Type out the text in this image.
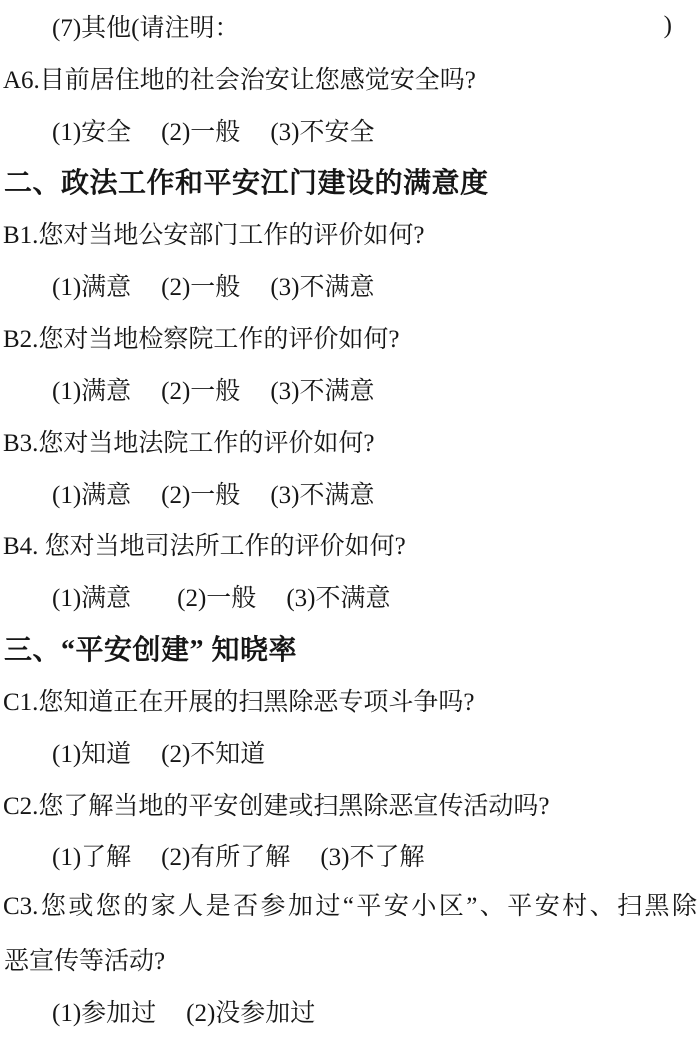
(7)其他(请注明：	)
A6.目前居住地的社会治安让您感觉安全吗?
(1)安全 (2)一般 (3)不安全
二、政法工作和平安江门建设的满意度
B1.您对当地公安部门工作的评价如何?
(1)满意 (2)一般 (3)不满意
B2.您对当地检察院工作的评价如何?
(1)满意 (2)一般 (3)不满意
B3.您对当地法院工作的评价如何?
(1)满意 (2)一般 (3)不满意
B4. 您对当地司法所工作的评价如何?
(1)满意 (2)一般 (3)不满意
三、“平安创建” 知晓率
C1.您知道正在开展的扫黑除恶专项斗争吗?
(1)知道 (2)不知道
C2.您了解当地的平安创建或扫黑除恶宣传活动吗?
(1)了解 (2)有所了解 (3)不了解
C3.您或您的家人是否参加过“平安小区”、平安村、扫黑除
恶宣传等活动?
(1)参加过 (2)没参加过
